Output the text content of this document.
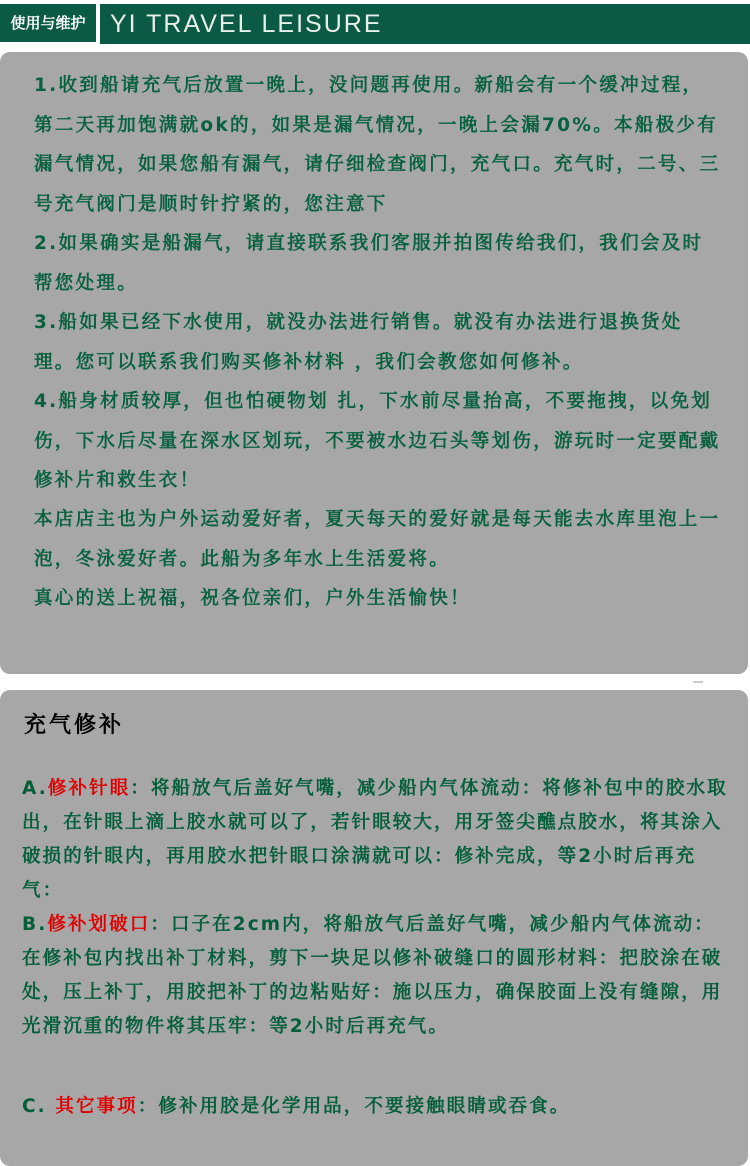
使用与维护 YI TRAVEL LEISURE

1.收到船请充气后放置一晚上，没问题再使用。新船会有一个缓冲过程，第二天再加饱满就ok的，如果是漏气情况，一晚上会漏70%。本船极少有漏气情况，如果您船有漏气，请仔细检查阀门，充气口。充气时，二号、三号充气阀门是顺时针拧紧的，您注意下

2.如果确实是船漏气，请直接联系我们客服并拍图传给我们，我们会及时帮您处理。

3.船如果已经下水使用，就没办法进行销售。就没有办法进行退换货处理。您可以联系我们购买修补材料 ，我们会教您如何修补。

4.船身材质较厚，但也怕硬物划 扎，下水前尽量抬高，不要拖拽，以免划伤，下水后尽量在深水区划玩，不要被水边石头等划伤，游玩时一定要配戴修补片和救生衣！

本店店主也为户外运动爱好者，夏天每天的爱好就是每天能去水库里泡上一泡，冬泳爱好者。此船为多年水上生活爱将。

真心的送上祝福，祝各位亲们，户外生活愉快！

充气修补

A.修补针眼：将船放气后盖好气嘴，减少船内气体流动：将修补包中的胶水取出，在针眼上滴上胶水就可以了，若针眼较大，用牙签尖醮点胶水，将其涂入破损的针眼内，再用胶水把针眼口涂满就可以：修补完成，等2小时后再充气：

B.修补划破口：口子在2cm内，将船放气后盖好气嘴，减少船内气体流动：在修补包内找出补丁材料，剪下一块足以修补破缝口的圆形材料：把胶涂在破处，压上补丁，用胶把补丁的边粘贴好：施以压力，确保胶面上没有缝隙，用光滑沉重的物件将其压牢：等2小时后再充气。

C. 其它事项：修补用胶是化学用品，不要接触眼睛或吞食。
